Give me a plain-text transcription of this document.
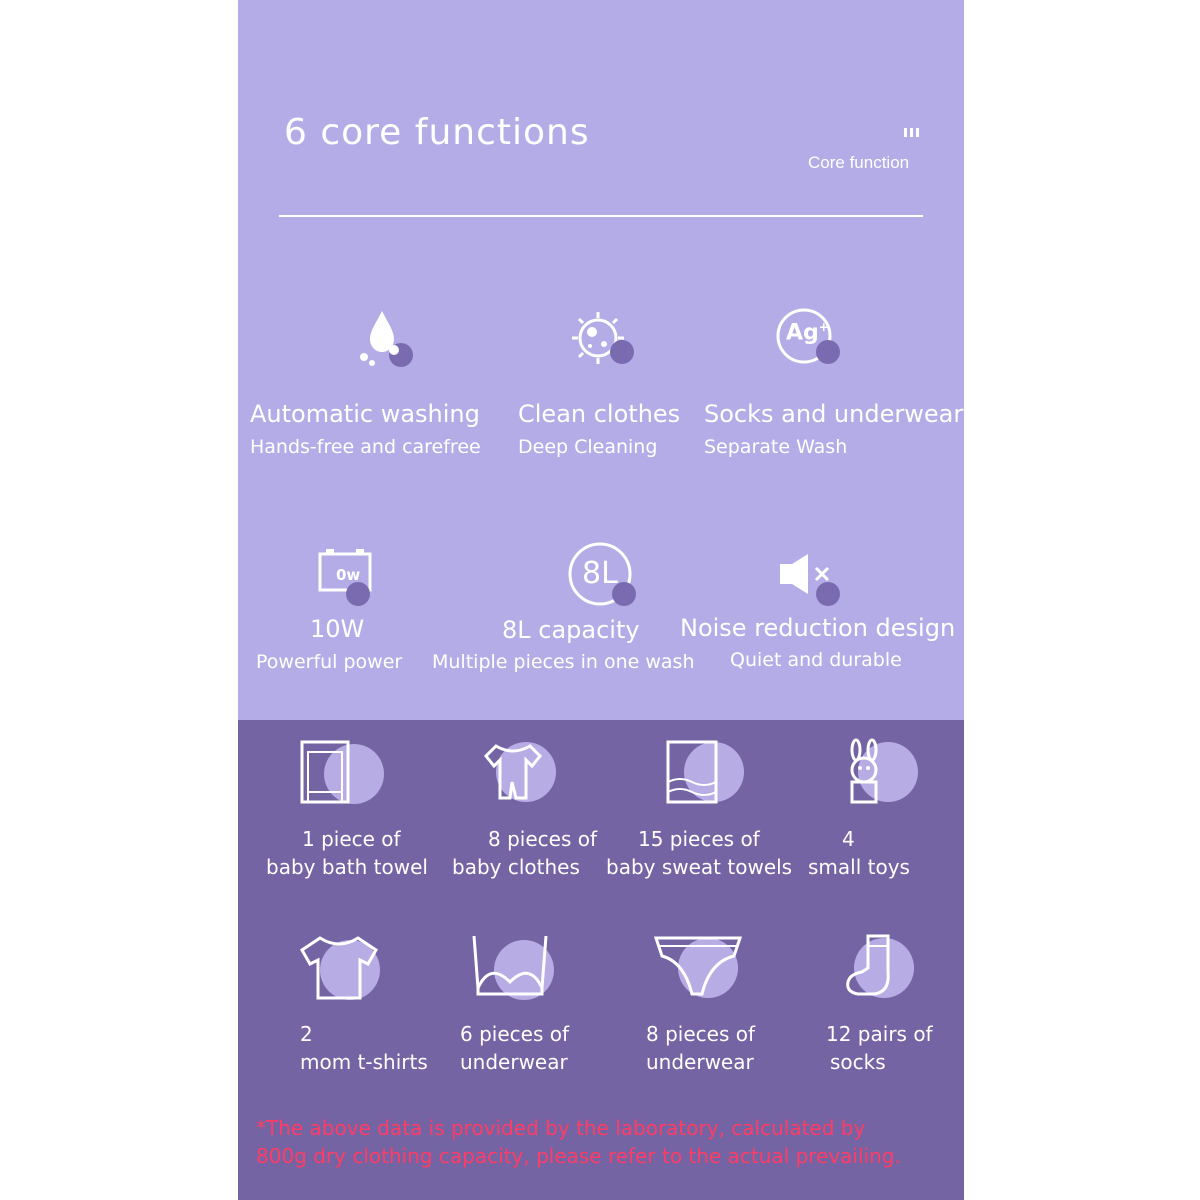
6 core functions
Core function
Automatic washing
Hands-free and carefree
Clean clothes
Deep Cleaning
Ag+
Socks and underwear
Separate Wash
0w
10W
Powerful power
8L
8L capacity
Multiple pieces in one wash
Noise reduction design
Quiet and durable
1 piece of
baby bath towel
8 pieces of
baby clothes
15 pieces of
baby sweat towels
4
small toys
2
mom t-shirts
6 pieces of
underwear
8 pieces of
underwear
12 pairs of
socks
*The above data is provided by the laboratory, calculated by
800g dry clothing capacity, please refer to the actual prevailing.
